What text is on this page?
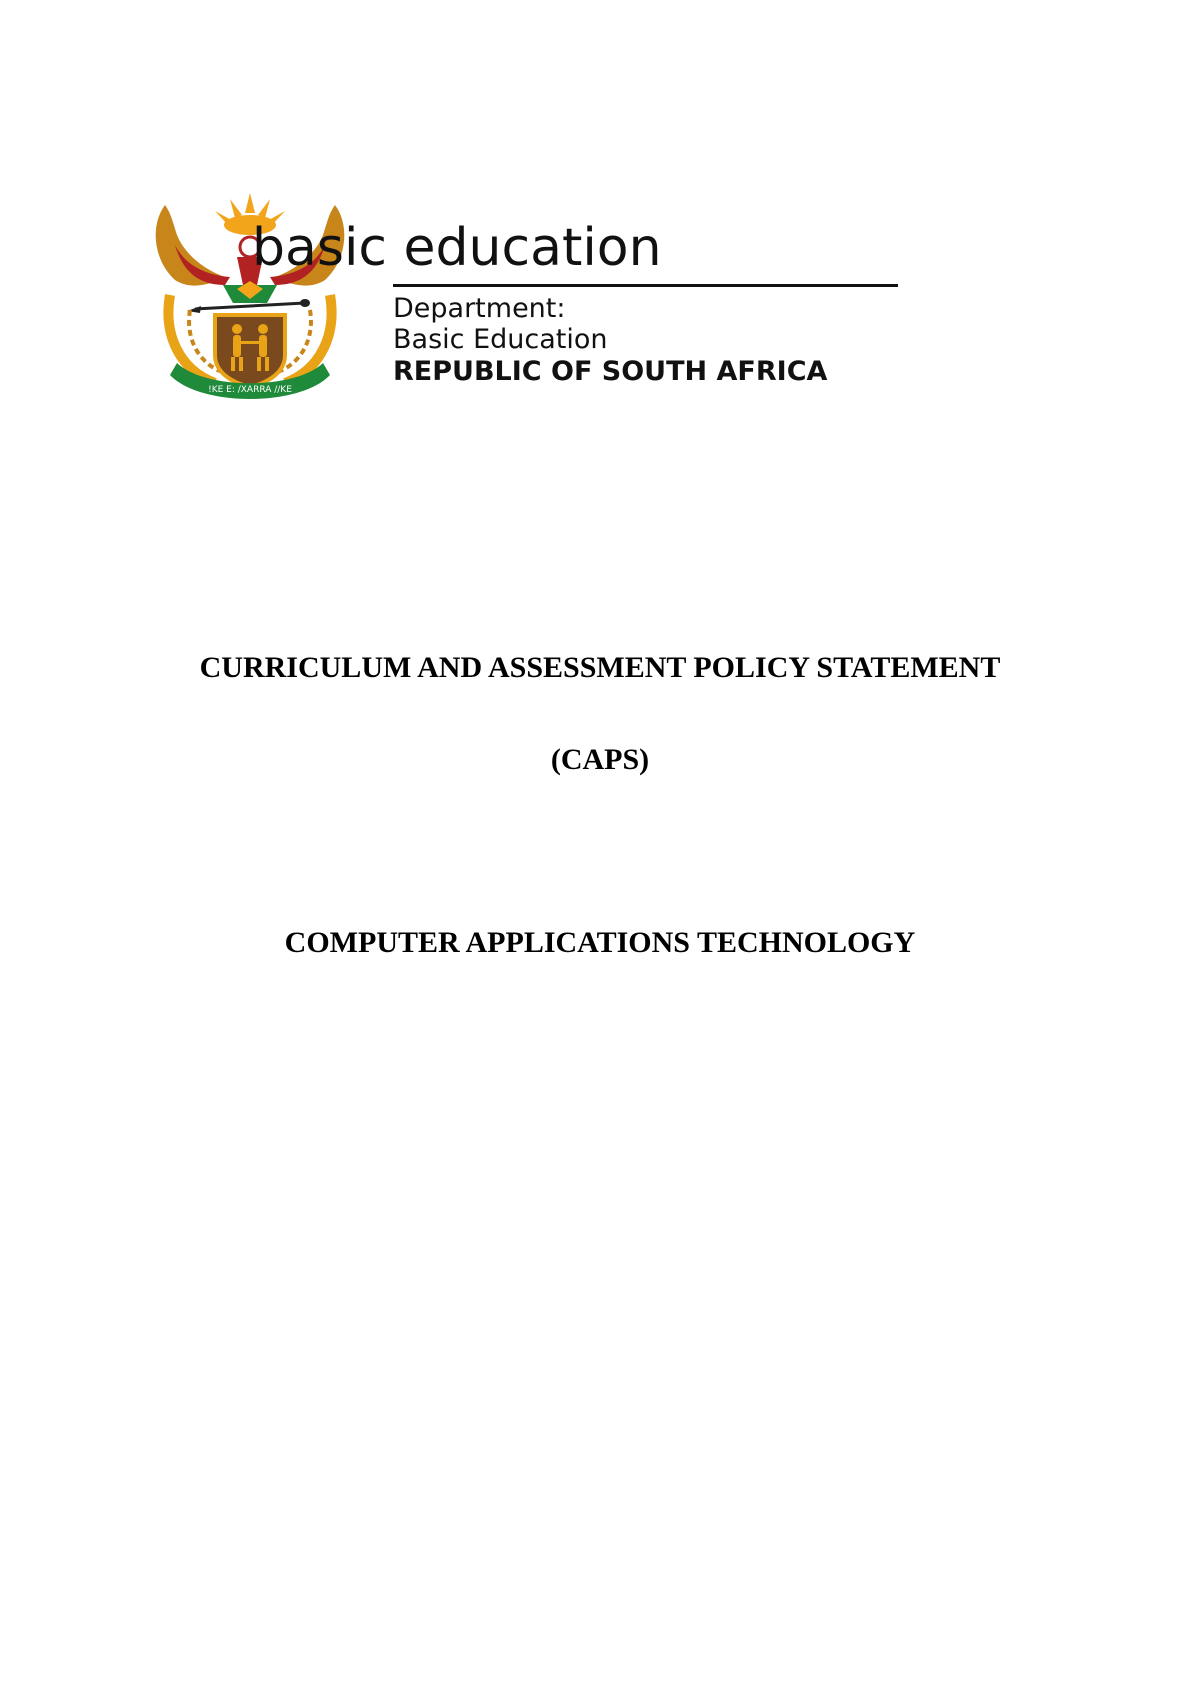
!KE E: /XARRA //KE
basic education
Department:
Basic Education
REPUBLIC OF SOUTH AFRICA
CURRICULUM AND ASSESSMENT POLICY STATEMENT
(CAPS)
COMPUTER APPLICATIONS TECHNOLOGY
